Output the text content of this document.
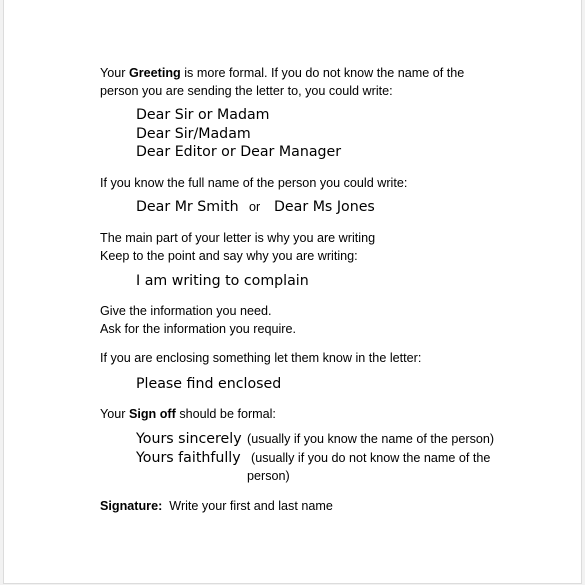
Your Greeting is more formal. If you do not know the name of the
person you are sending the letter to, you could write:
Dear Sir or Madam
Dear Sir/Madam
Dear Editor or Dear Manager
If you know the full name of the person you could write:
Dear Mr Smith or Dear Ms Jones
The main part of your letter is why you are writing
Keep to the point and say why you are writing:
I am writing to complain
Give the information you need.
Ask for the information you require.
If you are enclosing something let them know in the letter:
Please find enclosed
Your Sign off should be formal:
Yours sincerely (usually if you know the name of the person)
Yours faithfully (usually if you do not know the name of the
person)
Signature: Write your first and last name
